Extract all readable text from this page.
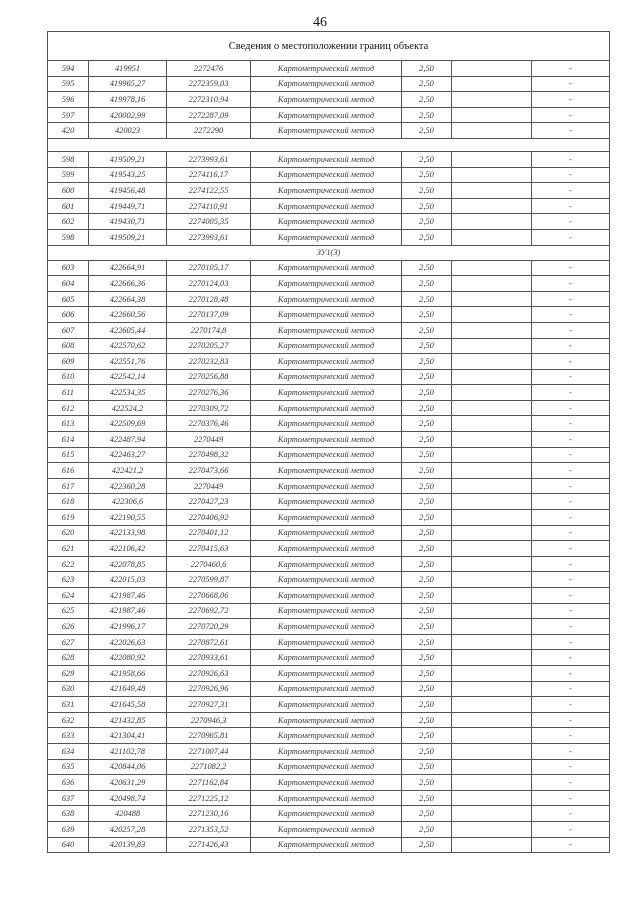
46
Сведения о местоположении границ объекта						
594	419951	2272476	Картометрический метод	2,50		-
595	419965,27	2272359,03	Картометрический метод	2,50		-
596	419978,16	2272310,94	Картометрический метод	2,50		-
597	420002,99	2272287,09	Картометрический метод	2,50		-
420	420023	2272290	Картометрический метод	2,50		-

598	419509,21	2273993,61	Картометрический метод	2,50		-
599	419543,25	2274116,17	Картометрический метод	2,50		-
600	419456,48	2274122,55	Картометрический метод	2,50		-
601	419449,71	2274110,91	Картометрический метод	2,50		-
602	419430,71	2274005,35	Картометрический метод	2,50		-
598	419509,21	2273993,61	Картометрический метод	2,50		-
ЗУ1(3)						
603	422664,91	2270105,17	Картометрический метод	2,50		-
604	422666,36	2270124,03	Картометрический метод	2,50		-
605	422664,38	2270128,48	Картометрический метод	2,50		-
606	422660,56	2270137,09	Картометрический метод	2,50		-
607	422605,44	2270174,8	Картометрический метод	2,50		-
608	422570,62	2270205,27	Картометрический метод	2,50		-
609	422551,76	2270232,83	Картометрический метод	2,50		-
610	422542,14	2270256,88	Картометрический метод	2,50		-
611	422534,35	2270276,36	Картометрический метод	2,50		-
612	422524,2	2270309,72	Картометрический метод	2,50		-
613	422509,69	2270376,46	Картометрический метод	2,50		-
614	422487,94	2270449	Картометрический метод	2,50		-
615	422463,27	2270498,32	Картометрический метод	2,50		-
616	422421,2	2270473,66	Картометрический метод	2,50		-
617	422360,28	2270449	Картометрический метод	2,50		-
618	422306,6	2270427,23	Картометрический метод	2,50		-
619	422190,55	2270406,92	Картометрический метод	2,50		-
620	422133,98	2270401,12	Картометрический метод	2,50		-
621	422106,42	2270415,63	Картометрический метод	2,50		-
622	422078,85	2270460,6	Картометрический метод	2,50		-
623	422015,03	2270599,87	Картометрический метод	2,50		-
624	421987,46	2270668,06	Картометрический метод	2,50		-
625	421987,46	2270692,72	Картометрический метод	2,50		-
626	421996,17	2270720,29	Картометрический метод	2,50		-
627	422026,63	2270872,61	Картометрический метод	2,50		-
628	422080,92	2270933,61	Картометрический метод	2,50		-
629	421958,66	2270926,63	Картометрический метод	2,50		-
630	421649,48	2270926,96	Картометрический метод	2,50		-
631	421645,58	2270927,31	Картометрический метод	2,50		-
632	421432,85	2270946,3	Картометрический метод	2,50		-
633	421304,41	2270965,81	Картометрический метод	2,50		-
634	421102,78	2271007,44	Картометрический метод	2,50		-
635	420844,06	2271082,2	Картометрический метод	2,50		-
636	420631,29	2271162,84	Картометрический метод	2,50		-
637	420498,74	2271225,12	Картометрический метод	2,50		-
638	420488	2271230,16	Картометрический метод	2,50		-
639	420257,28	2271353,52	Картометрический метод	2,50		-
640	420139,83	2271426,43	Картометрический метод	2,50		-
